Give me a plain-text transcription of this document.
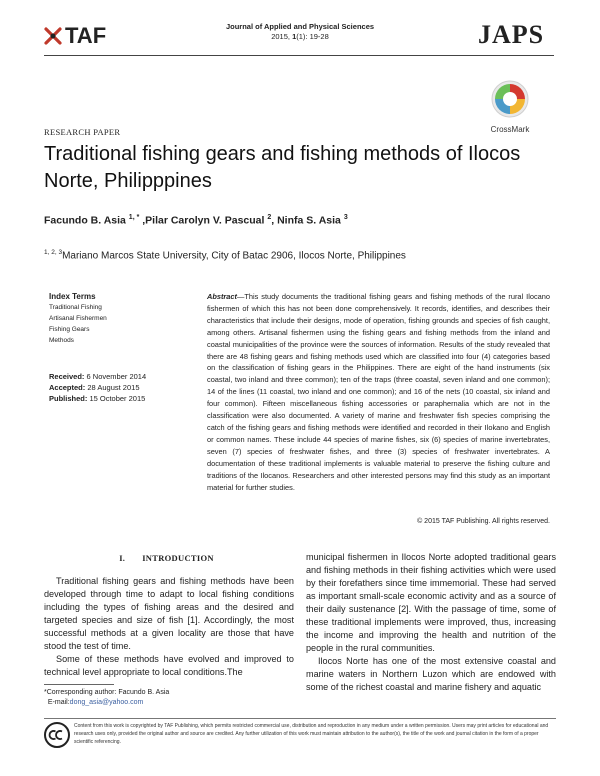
TAF	Journal of Applied and Physical Sciences
2015, 1(1): 19-28	JAPS
CrossMark
RESEARCH PAPER
Traditional fishing gears and fishing methods of Ilocos Norte, Philipppines
Facundo B. Asia $^{1, *}$ ,Pilar Carolyn V. Pascual $^2$, Ninfa S. Asia $^3$
$^{1, 2, 3}$Mariano Marcos State University, City of Batac 2906, Ilocos Norte, Philippines
Index Terms
Traditional Fishing
Artisanal Fishermen
Fishing Gears
Methods
Received: 6 November 2014
Accepted: 28 August 2015
Published: 15 October 2015
Abstract—This study documents the traditional fishing gears and fishing methods of the rural Ilocano fishermen of which this has not been done comprehensively. It records, identifies, and describes their characteristics that include their designs, mode of operation, fishing grounds and species of fish caught, among others. Artisanal fishermen using the fishing gears and fishing methods from the inland and coastal municipalities of the province were the sources of information. Results of the study revealed that there are 48 fishing gears and fishing methods used which are classified into four (4) categories based on the classification of fishing gears in the Philippines. There are eight of the hand instruments (six coastal, two inland and three common); ten of the traps (three coastal, seven inland and one common); 14 of the lines (11 coastal, two inland and one common); and 16 of the nets (10 coastal, six inland and four common). Fifteen miscellaneous fishing accessories or paraphernalia which are not in the classification were also documented. A variety of marine and freshwater fish species comprising the catch of the fishing gears and fishing methods were identified and recorded in their Ilokano and English or common names. These include 44 species of marine fishes, six (6) species of marine invertebrates, seven (7) species of freshwater fishes, and three (3) species of freshwater invertebrates. A documentation of these traditional implements is valuable material to preserve the fishing culture and traditions of the Ilocanos. Researchers and other interested persons may find this study as an important material for further studies.
© 2015 TAF Publishing. All rights reserved.
I.       INTRODUCTION

Traditional fishing gears and fishing methods have been developed through time to adapt to local fishing conditions including the types of fishing areas and the desired and targeted species and size of fish [1]. Accordingly, the most successful methods at a given locality are those that have stood the test of time.

Some of these methods have evolved and improved to technical level appropriate to local conditions.The

municipal fishermen in Ilocos Norte adopted traditional gears and fishing methods in their fishing activities which were used by their forefathers since time immemorial. These had served as important small-scale economic activity and as a source of their daily sustenance [2]. With the passage of time, some of these traditional implements were improved, thus, increasing the income and improving the health and nutrition of the people in the rural communities.

Ilocos Norte has one of the most extensive coastal and marine waters in Northern Luzon which are endowed with some of the richest coastal and marine fishery and aquatic

*Corresponding author: Facundo B. Asia
E-mail:dong_asia@yahoo.com
Content from this work is copyrighted by TAF Publishing, which permits restricted commercial use, distribution and reproduction in any medium under a written permission. Users may print articles for educational and research uses only, provided the original author and source are credited. Any further utilization of this work must maintain attribution to the author(s), the title of the work and journal citation in the form of a proper scientific referencing.
